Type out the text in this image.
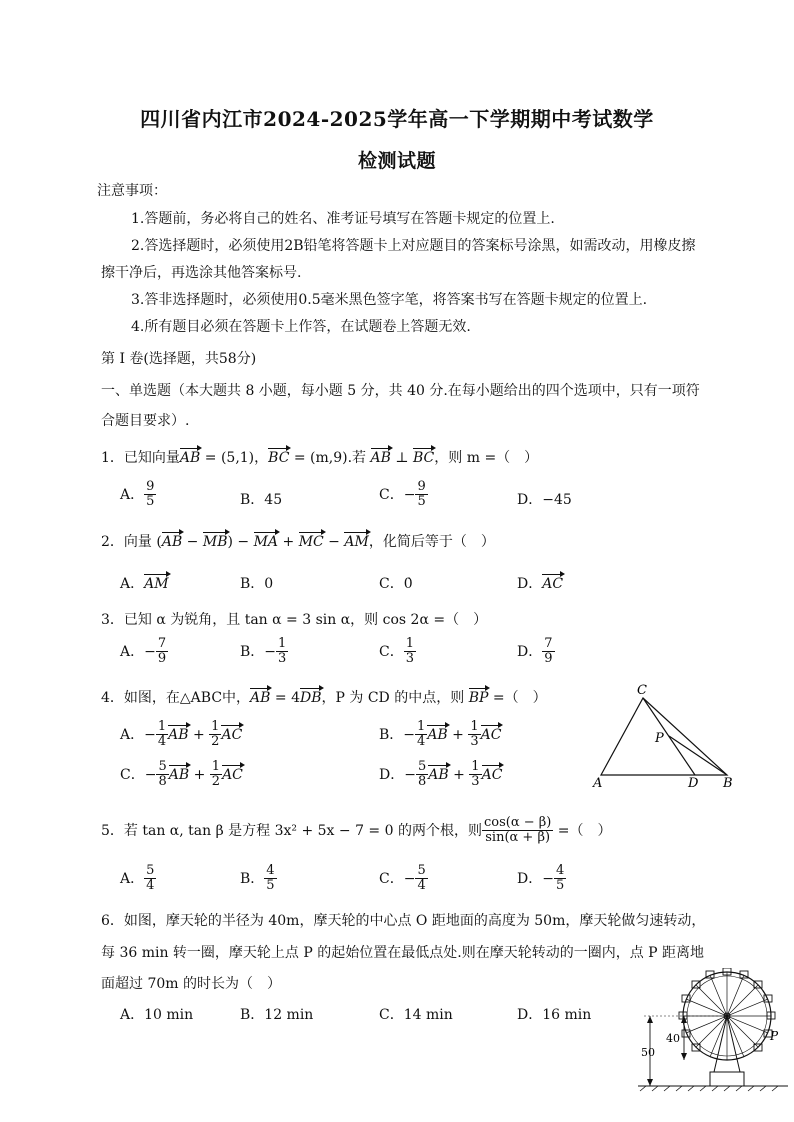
四川省内江市2024-2025学年高一下学期期中考试数学
检测试题
注意事项：
1.答题前，务必将自己的姓名、准考证号填写在答题卡规定的位置上.
2.答选择题时，必须使用2B铅笔将答题卡上对应题目的答案标号涂黑，如需改动，用橡皮擦
擦干净后，再选涂其他答案标号.
3.答非选择题时，必须使用0.5毫米黑色签字笔，将答案书写在答题卡规定的位置上.
4.所有题目必须在答题卡上作答，在试题卷上答题无效.
第 I 卷(选择题，共58分)
一、单选题（本大题共 8 小题，每小题 5 分，共 40 分.在每小题给出的四个选项中，只有一项符
合题目要求）.
1．已知向量AB = (5,1)，BC = (m,9).若 AB ⊥ BC，则 m =（　）
A． $\frac{9}{5}$	B．45	C．− $\frac{9}{5}$	D．−45
2．向量 (AB − MB) − MA + MC − AM，化简后等于（　）
A．AM	B．0	C．0̇	D．AC
3．已知 α 为锐角，且 tan α = 3 sin α，则 cos 2α =（　）
A．− $\frac{7}{9}$	B．− $\frac{1}{3}$	C． $\frac{1}{3}$	D． $\frac{7}{9}$
4．如图，在△ABC中，AB = 4DB，P 为 CD 的中点，则 BP =（　）
A．− $\frac{1}{4}$ AB + $\frac{1}{2}$ AC	B．− $\frac{1}{4}$ AB + $\frac{1}{3}$ AC
C．− $\frac{5}{8}$ AB + $\frac{1}{2}$ AC	D．− $\frac{5}{8}$ AB + $\frac{1}{3}$ AC
C
P
A	D B
5．若 tan α, tan β 是方程 3x² + 5x − 7 = 0 的两个根，则 $\frac{\cos(\alpha - \beta)}{\sin(\alpha + \beta)}$ =（　）
A． $\frac{5}{4}$	B． $\frac{4}{5}$	C．− $\frac{5}{4}$	D．− $\frac{4}{5}$
6．如图，摩天轮的半径为 40m，摩天轮的中心点 O 距地面的高度为 50m，摩天轮做匀速转动，
每 36 min 转一圈，摩天轮上点 P 的起始位置在最低点处.则在摩天轮转动的一圈内，点 P 距离地
面超过 70m 的时长为（　）
A．10 min	B．12 min	C．14 min	D．16 min
50
40	P
